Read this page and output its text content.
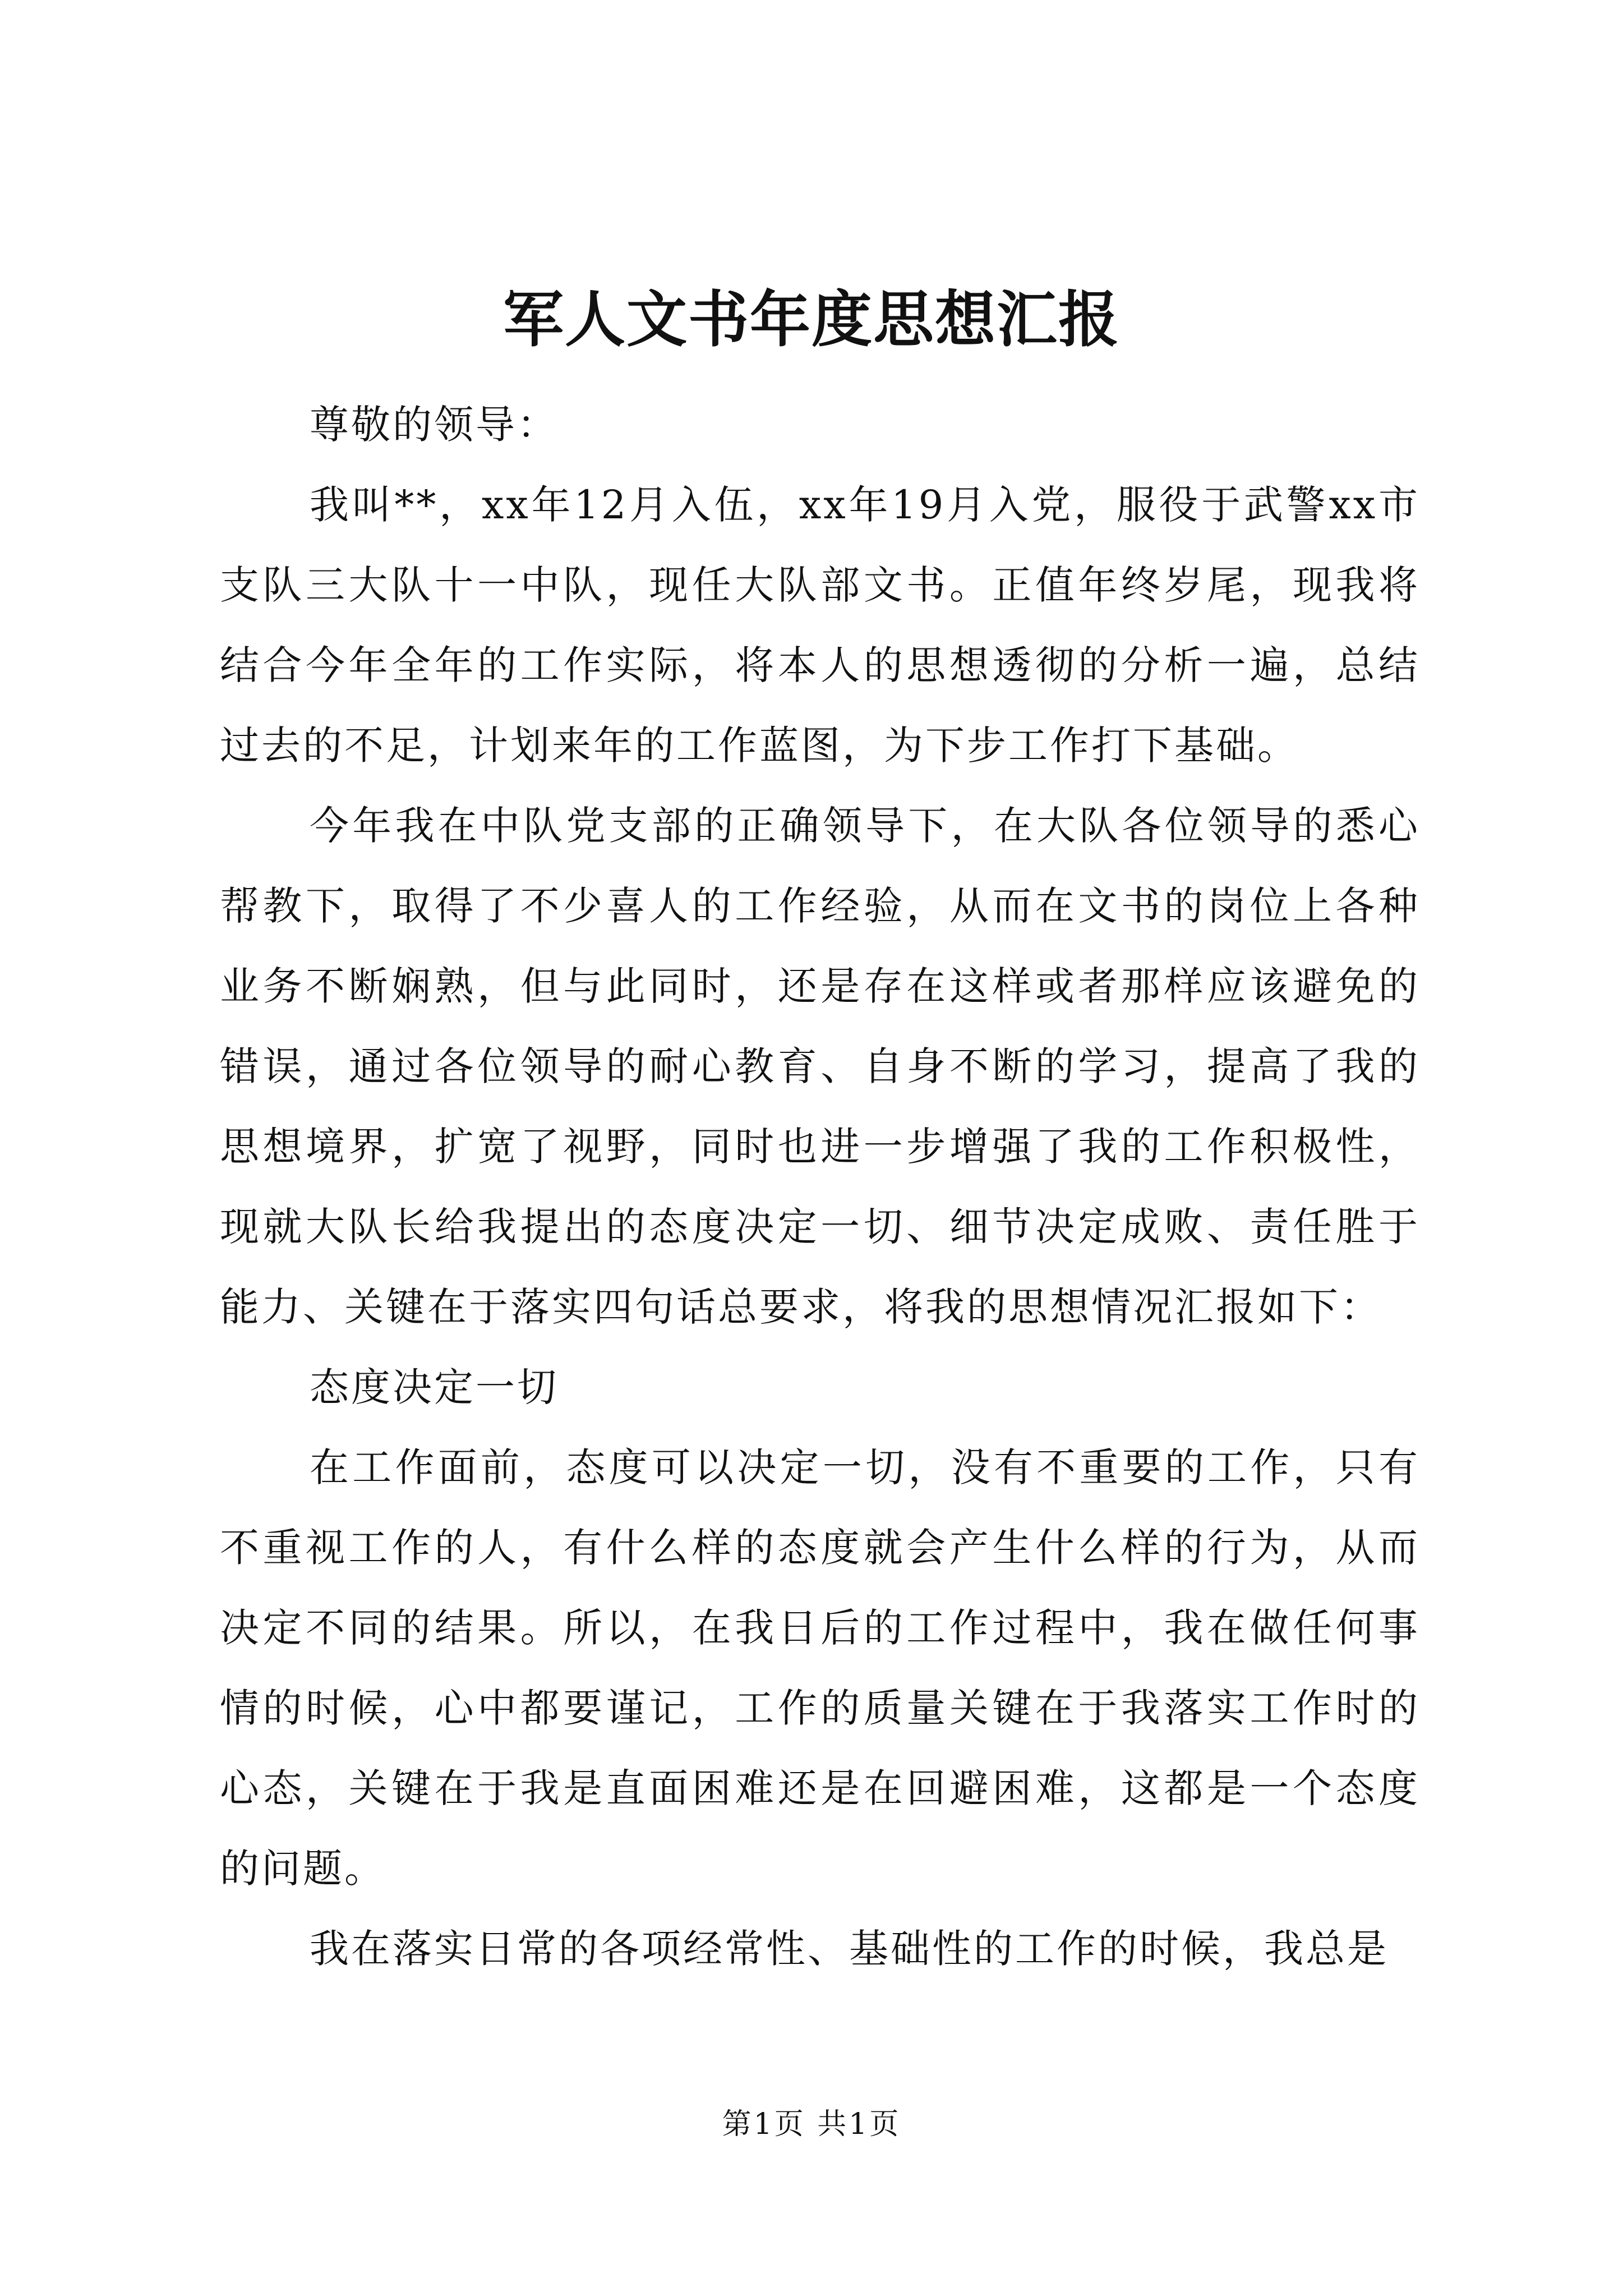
军人文书年度思想汇报

尊敬的领导：

我叫**，xx年12月入伍，xx年19月入党，服役于武警xx市支队三大队十一中队，现任大队部文书。正值年终岁尾，现我将结合今年全年的工作实际，将本人的思想透彻的分析一遍，总结过去的不足，计划来年的工作蓝图，为下步工作打下基础。

今年我在中队党支部的正确领导下，在大队各位领导的悉心帮教下，取得了不少喜人的工作经验，从而在文书的岗位上各种业务不断娴熟，但与此同时，还是存在这样或者那样应该避免的错误，通过各位领导的耐心教育、自身不断的学习，提高了我的思想境界，扩宽了视野，同时也进一步增强了我的工作积极性，现就大队长给我提出的态度决定一切、细节决定成败、责任胜于能力、关键在于落实四句话总要求，将我的思想情况汇报如下：

态度决定一切

在工作面前，态度可以决定一切，没有不重要的工作，只有不重视工作的人，有什么样的态度就会产生什么样的行为，从而决定不同的结果。所以，在我日后的工作过程中，我在做任何事情的时候，心中都要谨记，工作的质量关键在于我落实工作时的心态，关键在于我是直面困难还是在回避困难，这都是一个态度的问题。

我在落实日常的各项经常性、基础性的工作的时候，我总是

第1页 共1页
